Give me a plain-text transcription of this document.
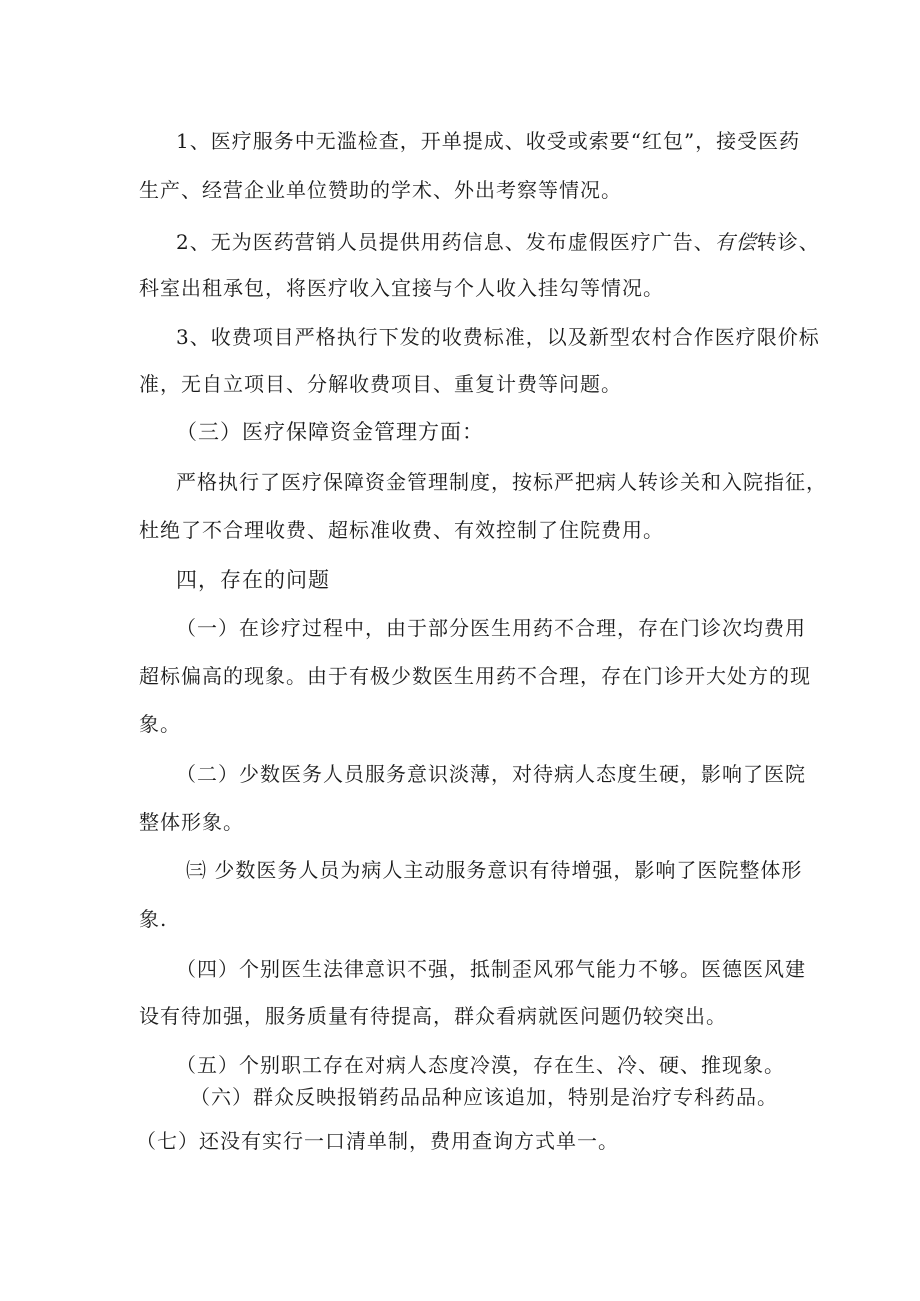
1、医疗服务中无滥检查，开单提成、收受或索要“红包”，接受医药
生产、经营企业单位赞助的学术、外出考察等情况。
2、无为医药营销人员提供用药信息、发布虚假医疗广告、有偿转诊、
科室出租承包，将医疗收入宜接与个人收入挂勾等情况。
3、收费项目严格执行下发的收费标准，以及新型农村合作医疗限价标
准，无自立项目、分解收费项目、重复计费等问题。
（三）医疗保障资金管理方面：
严格执行了医疗保障资金管理制度，按标严把病人转诊关和入院指征，
杜绝了不合理收费、超标准收费、有效控制了住院费用。
四，存在的问题
（一）在诊疗过程中，由于部分医生用药不合理，存在门诊次均费用
超标偏高的现象。由于有极少数医生用药不合理，存在门诊开大处方的现
象。
（二）少数医务人员服务意识淡薄，对待病人态度生硬，影响了医院
整体形象。
㈢ 少数医务人员为病人主动服务意识有待增强，影响了医院整体形
象.
（四）个别医生法律意识不强，抵制歪风邪气能力不够。医德医风建
设有待加强，服务质量有待提高，群众看病就医问题仍较突出。
（五）个别职工存在对病人态度冷漠，存在生、冷、硬、推现象。
（六）群众反映报销药品品种应该追加，特别是治疗专科药品。
（七）还没有实行一口清单制，费用查询方式单一。
